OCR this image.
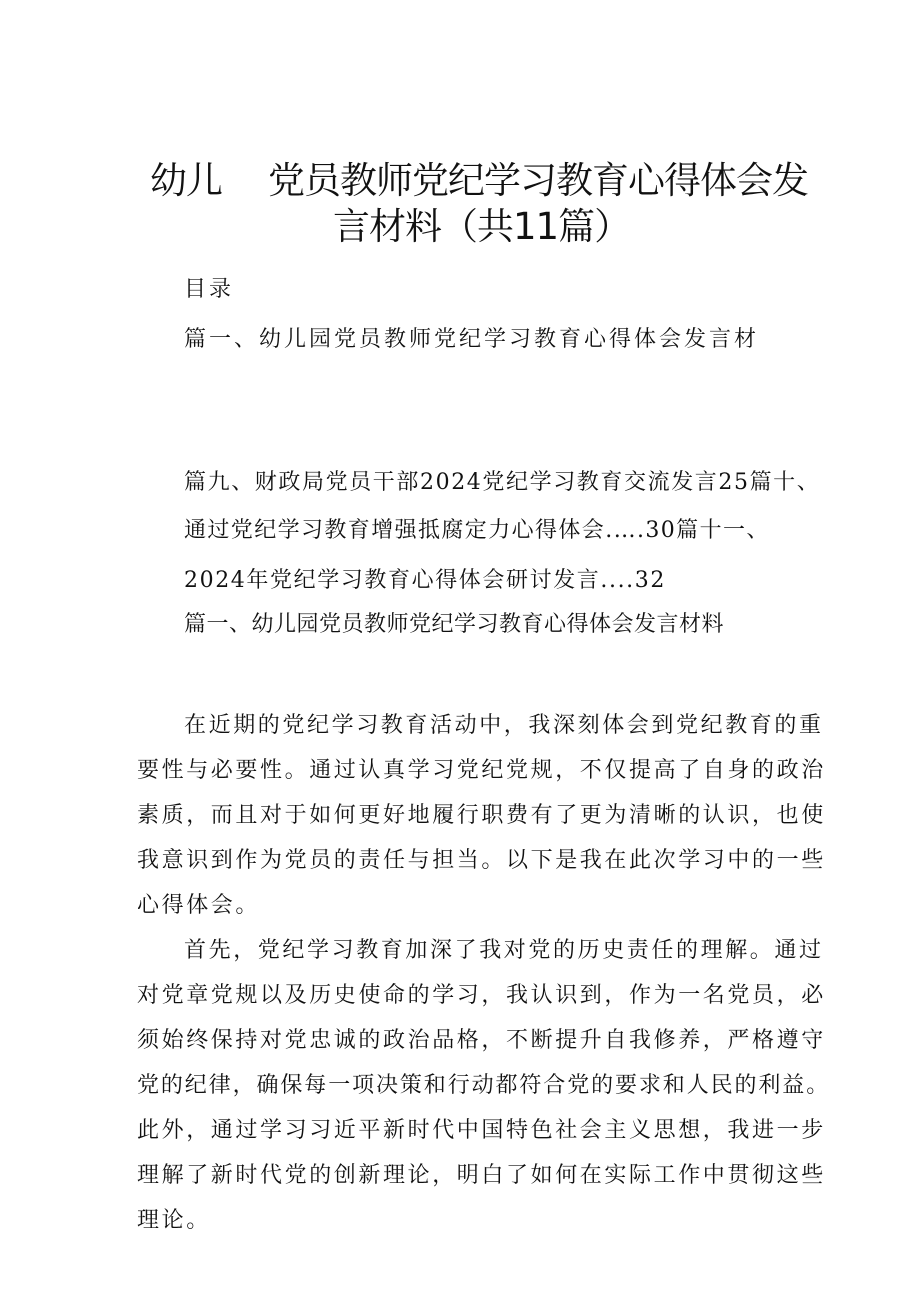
幼儿 党员教师党纪学习教育心得体会发
言材料（共11篇）
目录
篇一、幼儿园党员教师党纪学习教育心得体会发言材
篇九、财政局党员干部2024党纪学习教育交流发言25篇十、
通过党纪学习教育增强抵腐定力心得体会.….30篇十一、
2024年党纪学习教育心得体会研讨发言....32
篇一、幼儿园党员教师党纪学习教育心得体会发言材料
在近期的党纪学习教育活动中，我深刻体会到党纪教育的重
要性与必要性。通过认真学习党纪党规，不仅提高了自身的政治
素质，而且对于如何更好地履行职费有了更为清晰的认识，也使
我意识到作为党员的责任与担当。以下是我在此次学习中的一些
心得体会。
首先，党纪学习教育加深了我对党的历史责任的理解。通过
对党章党规以及历史使命的学习，我认识到，作为一名党员，必
须始终保持对党忠诚的政治品格，不断提升自我修养，严格遵守
党的纪律，确保每一项决策和行动都符合党的要求和人民的利益。
此外，通过学习习近平新时代中国特色社会主义思想，我进一步
理解了新时代党的创新理论，明白了如何在实际工作中贯彻这些
理论。
